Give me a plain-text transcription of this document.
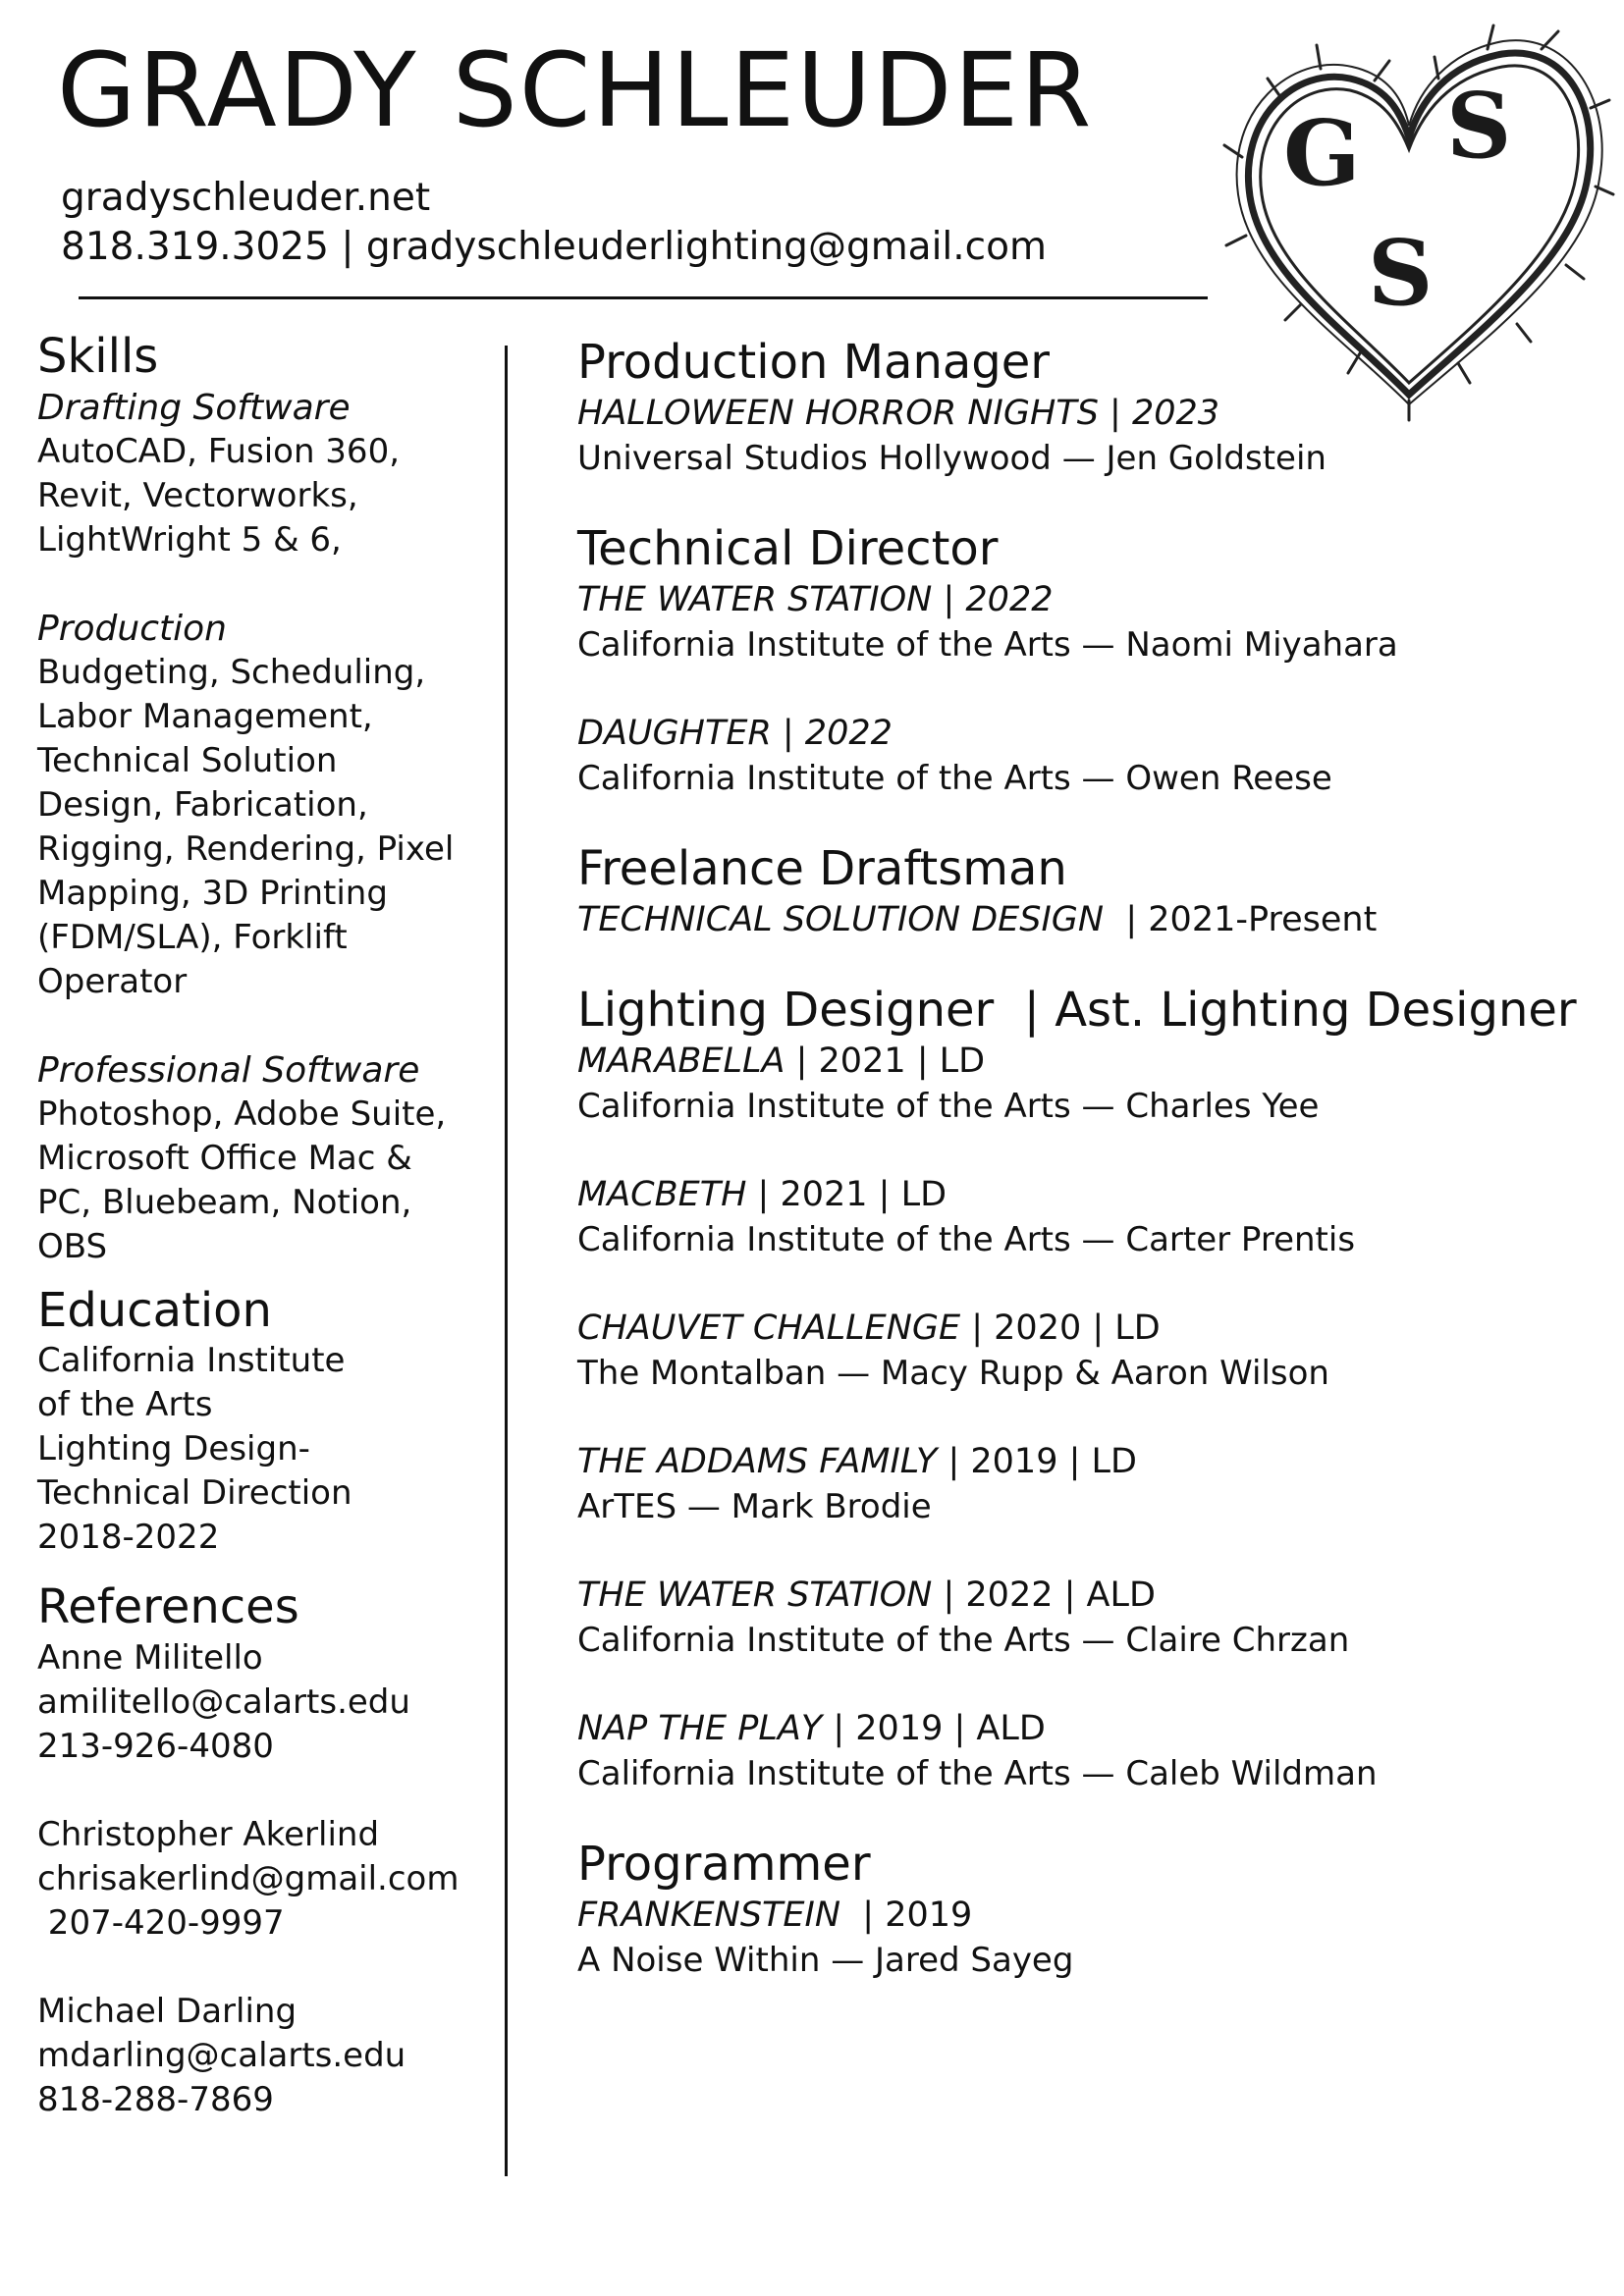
GRADY SCHLEUDER
gradyschleuder.net
818.319.3025 | gradyschleuderlighting@gmail.com
G S
S
Skills
Drafting Software
AutoCAD, Fusion 360,
Revit, Vectorworks,
LightWright 5 & 6,
Production
Budgeting, Scheduling,
Labor Management,
Technical Solution
Design, Fabrication,
Rigging, Rendering, Pixel
Mapping, 3D Printing
(FDM/SLA), Forklift
Operator
Professional Software
Photoshop, Adobe Suite,
Microsoft Office Mac &
PC, Bluebeam, Notion,
OBS
Education
California Institute
of the Arts
Lighting Design-
Technical Direction
2018-2022
References
Anne Militello
amilitello@calarts.edu
213-926-4080
Christopher Akerlind
chrisakerlind@gmail.com
207-420-9997
Michael Darling
mdarling@calarts.edu
818-288-7869
Production Manager
HALLOWEEN HORROR NIGHTS | 2023
Universal Studios Hollywood — Jen Goldstein
Technical Director
THE WATER STATION | 2022
California Institute of the Arts — Naomi Miyahara
DAUGHTER | 2022
California Institute of the Arts — Owen Reese
Freelance Draftsman
TECHNICAL SOLUTION DESIGN  | 2021-Present
Lighting Designer  | Ast. Lighting Designer
MARABELLA | 2021 | LD
California Institute of the Arts — Charles Yee
MACBETH | 2021 | LD
California Institute of the Arts — Carter Prentis
CHAUVET CHALLENGE | 2020 | LD
The Montalban — Macy Rupp & Aaron Wilson
THE ADDAMS FAMILY | 2019 | LD
ArTES — Mark Brodie
THE WATER STATION | 2022 | ALD
California Institute of the Arts — Claire Chrzan
NAP THE PLAY | 2019 | ALD
California Institute of the Arts — Caleb Wildman
Programmer
FRANKENSTEIN  | 2019
A Noise Within — Jared Sayeg
